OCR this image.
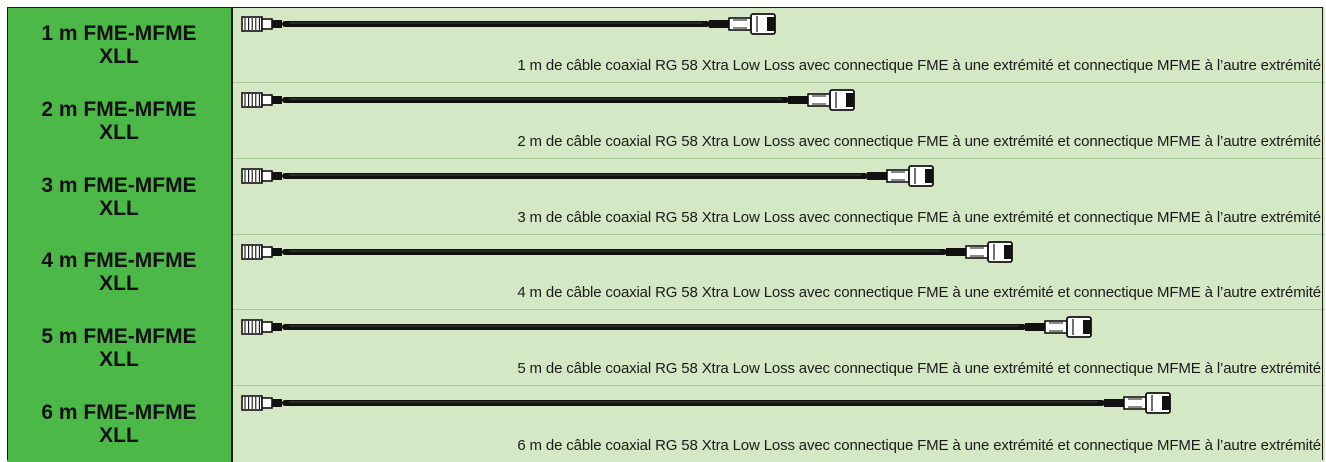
1 m FME-MFME
XLL	1 m de câble coaxial RG 58 Xtra Low Loss avec connectique FME à une extrémité et connectique MFME à l’autre extrémité
2 m FME-MFME
XLL	2 m de câble coaxial RG 58 Xtra Low Loss avec connectique FME à une extrémité et connectique MFME à l’autre extrémité
3 m FME-MFME
XLL	3 m de câble coaxial RG 58 Xtra Low Loss avec connectique FME à une extrémité et connectique MFME à l’autre extrémité
4 m FME-MFME
XLL	4 m de câble coaxial RG 58 Xtra Low Loss avec connectique FME à une extrémité et connectique MFME à l’autre extrémité
5 m FME-MFME
XLL	5 m de câble coaxial RG 58 Xtra Low Loss avec connectique FME à une extrémité et connectique MFME à l’autre extrémité
6 m FME-MFME
XLL	6 m de câble coaxial RG 58 Xtra Low Loss avec connectique FME à une extrémité et connectique MFME à l’autre extrémité
